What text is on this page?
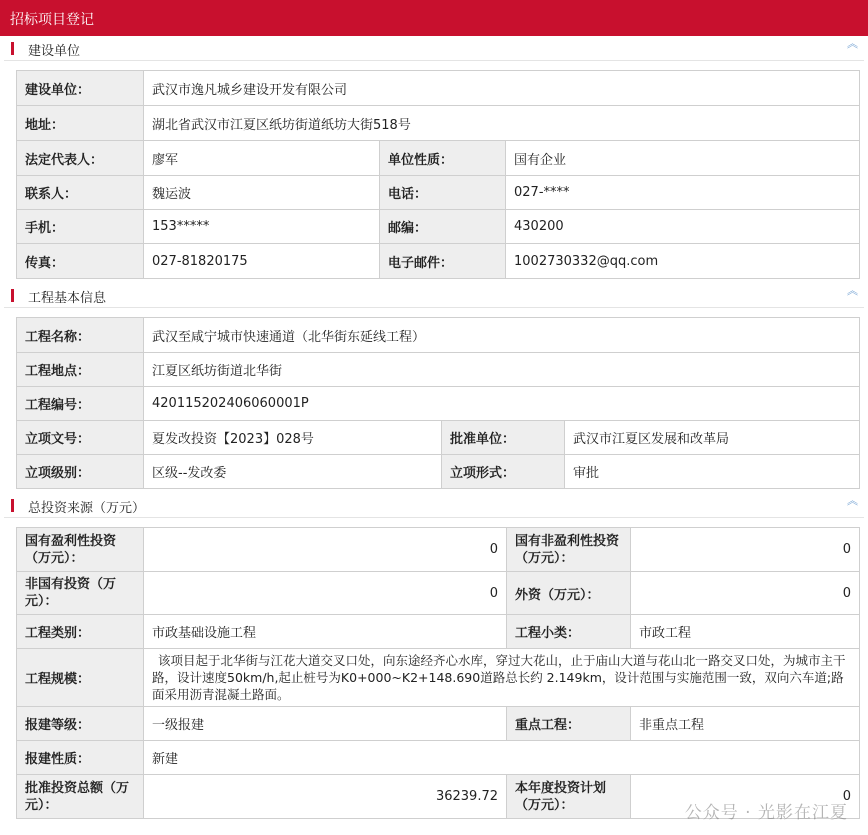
招标项目登记
建设单位
︽
建设单位：	武汉市逸凡城乡建设开发有限公司		
地址：	湖北省武汉市江夏区纸坊街道纸坊大街518号		
法定代表人：	廖军	单位性质：	国有企业
联系人：	魏运波	电话：	027-****
手机：	153*****	邮编：	430200
传真：	027-81820175	电子邮件：	1002730332@qq.com
工程基本信息
︽
工程名称：	武汉至咸宁城市快速通道（北华街东延线工程）		
工程地点：	江夏区纸坊街道北华街		
工程编号：	420115202406060001P		
立项文号：	夏发改投资【2023】028号	批准单位：	武汉市江夏区发展和改革局
立项级别：	区级--发改委	立项形式：	审批
总投资来源（万元）
︽
国有盈利性投资（万元）：	0	国有非盈利性投资（万元）：	0
非国有投资（万元）：	0	外资（万元）：	0
工程类别：	市政基础设施工程	工程小类：	市政工程
工程规模：	该项目起于北华街与江花大道交叉口处，向东途经齐心水库，穿过大花山，止于庙山大道与花山北一路交叉口处，为城市主干路，设计速度50km/h,起止桩号为K0+000~K2+148.690道路总长约 2.149km，设计范围与实施范围一致，双向六车道;路面采用沥青混凝土路面。		
报建等级：	一级报建	重点工程：	非重点工程
报建性质：	新建		
批准投资总额（万元）：	36239.72	本年度投资计划（万元）：	0
公众号 · 光影在江夏
